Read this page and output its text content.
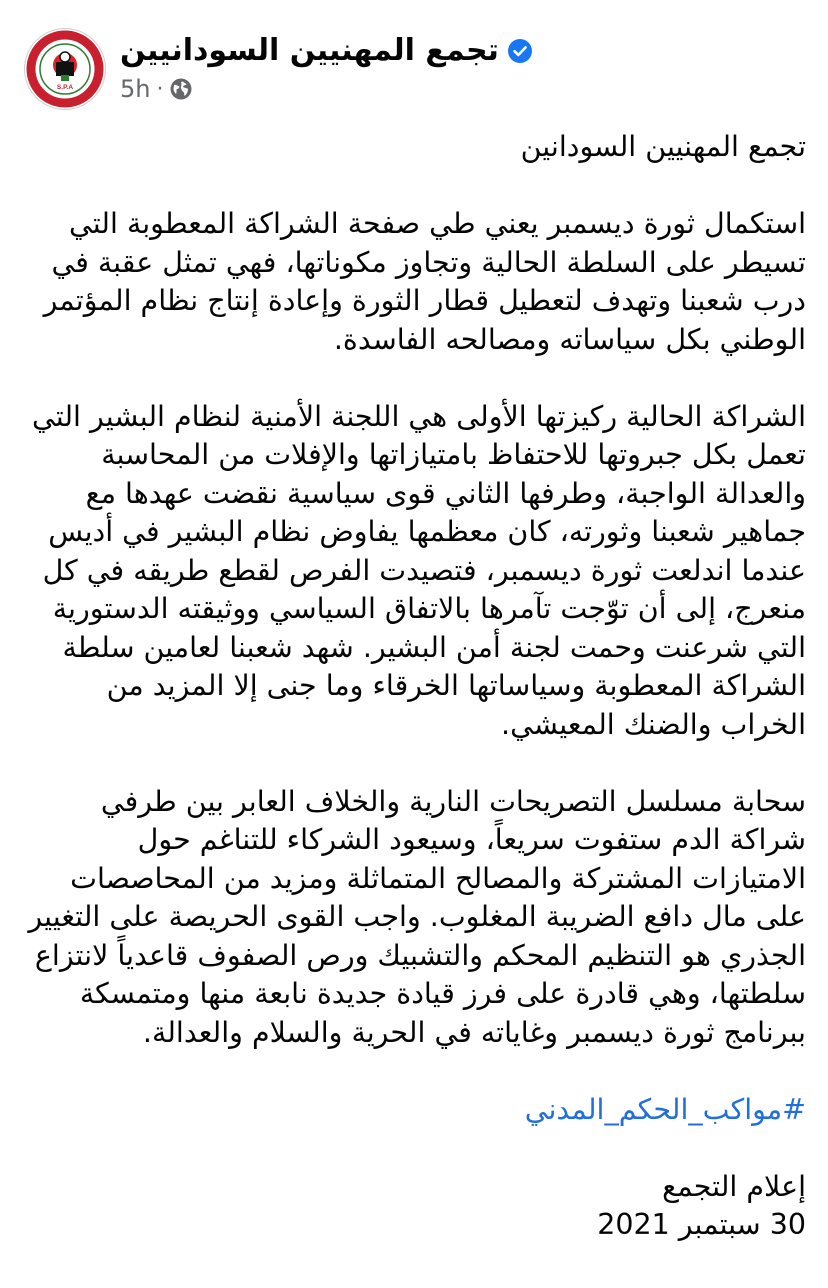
S.P.A
تجمع المهنيين السودانيين
5h ·

تجمع المهنيين السودانين

استكمال ثورة ديسمبر يعني طي صفحة الشراكة المعطوبة التي تسيطر على السلطة الحالية وتجاوز مكوناتها، فهي تمثل عقبة في درب شعبنا وتهدف لتعطيل قطار الثورة وإعادة إنتاج نظام المؤتمر الوطني بكل سياساته ومصالحه الفاسدة.

الشراكة الحالية ركيزتها الأولى هي اللجنة الأمنية لنظام البشير التي تعمل بكل جبروتها للاحتفاظ بامتيازاتها والإفلات من المحاسبة والعدالة الواجبة، وطرفها الثاني قوى سياسية نقضت عهدها مع جماهير شعبنا وثورته، كان معظمها يفاوض نظام البشير في أديس عندما اندلعت ثورة ديسمبر، فتصيدت الفرص لقطع طريقه في كل منعرج، إلى أن توّجت تآمرها بالاتفاق السياسي ووثيقته الدستورية التي شرعنت وحمت لجنة أمن البشير. شهد شعبنا لعامين سلطة الشراكة المعطوبة وسياساتها الخرقاء وما جنى إلا المزيد من الخراب والضنك المعيشي.

سحابة مسلسل التصريحات النارية والخلاف العابر بين طرفي شراكة الدم ستفوت سريعاً، وسيعود الشركاء للتناغم حول الامتيازات المشتركة والمصالح المتماثلة ومزيد من المحاصصات على مال دافع الضريبة المغلوب. واجب القوى الحريصة على التغيير الجذري هو التنظيم المحكم والتشبيك ورص الصفوف قاعدياً لانتزاع سلطتها، وهي قادرة على فرز قيادة جديدة نابعة منها ومتمسكة ببرنامج ثورة ديسمبر وغاياته في الحرية والسلام والعدالة.

#مواكب_الحكم_المدني

إعلام التجمع

30 سبتمبر 2021
